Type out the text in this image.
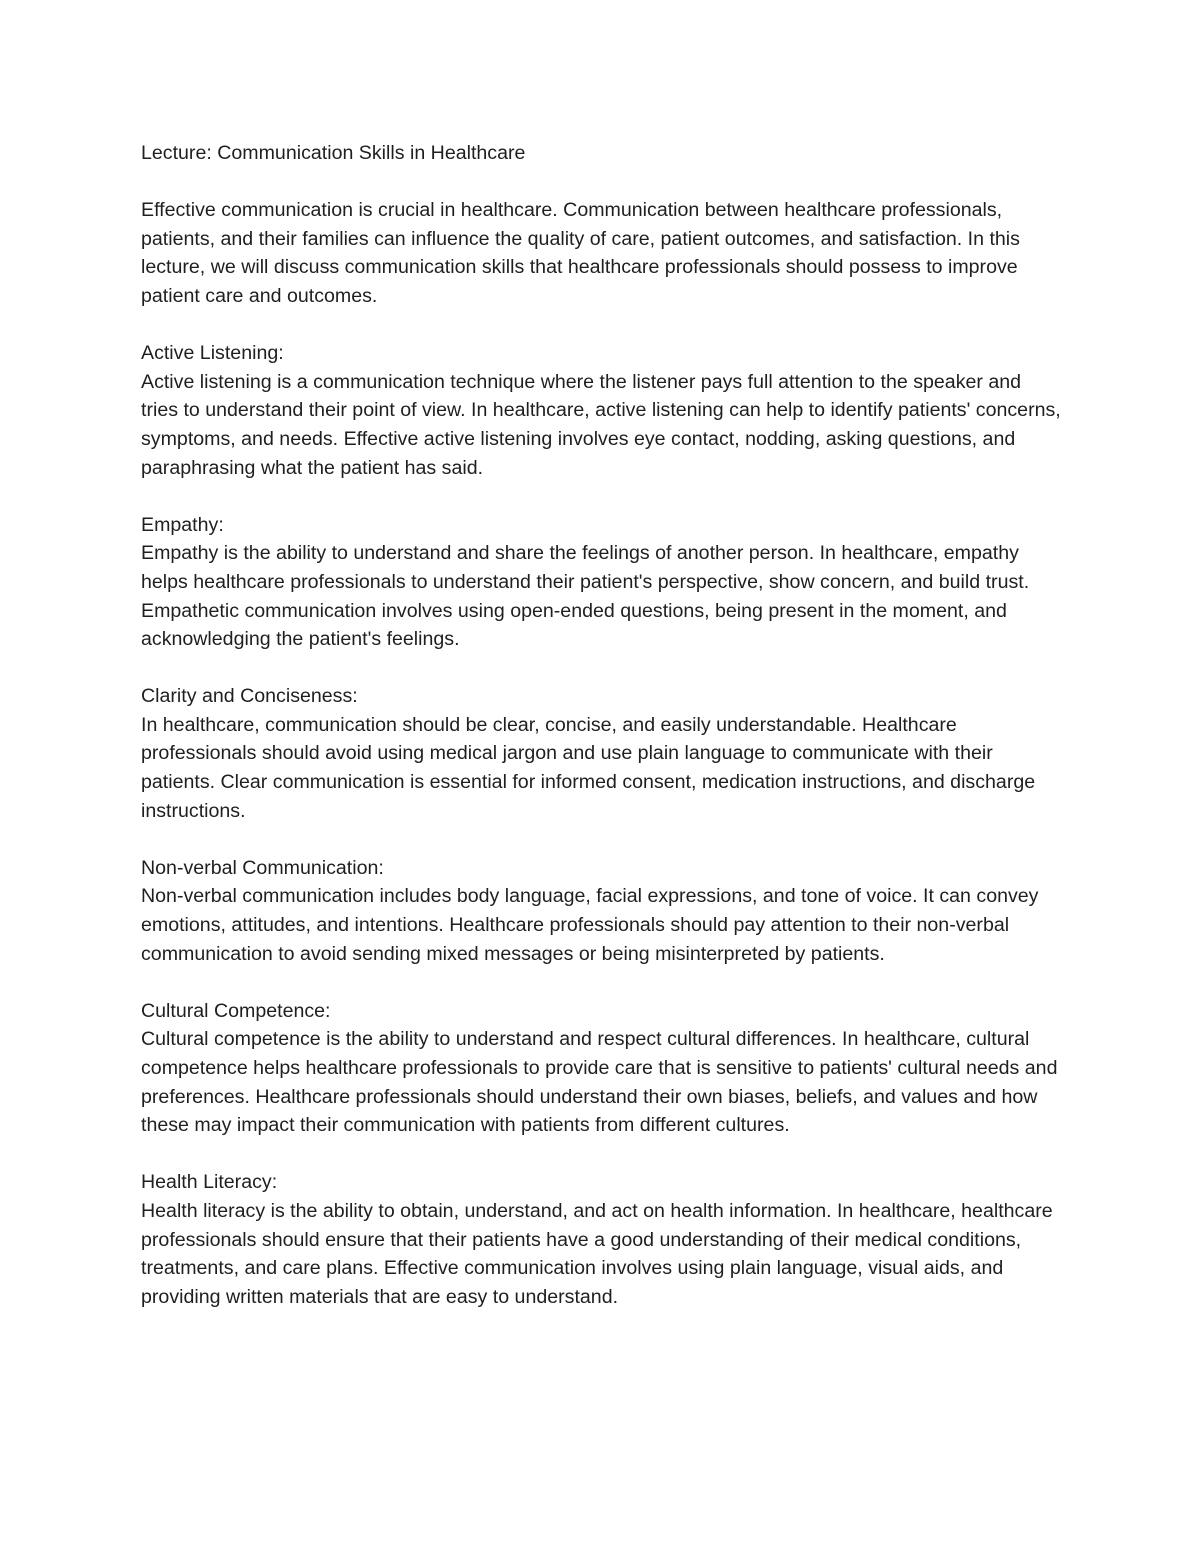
Lecture: Communication Skills in Healthcare

Effective communication is crucial in healthcare. Communication between healthcare professionals, patients, and their families can influence the quality of care, patient outcomes, and satisfaction. In this lecture, we will discuss communication skills that healthcare professionals should possess to improve patient care and outcomes.

Active Listening:

Active listening is a communication technique where the listener pays full attention to the speaker and tries to understand their point of view. In healthcare, active listening can help to identify patients' concerns, symptoms, and needs. Effective active listening involves eye contact, nodding, asking questions, and paraphrasing what the patient has said.

Empathy:

Empathy is the ability to understand and share the feelings of another person. In healthcare, empathy helps healthcare professionals to understand their patient's perspective, show concern, and build trust. Empathetic communication involves using open-ended questions, being present in the moment, and acknowledging the patient's feelings.

Clarity and Conciseness:

In healthcare, communication should be clear, concise, and easily understandable. Healthcare professionals should avoid using medical jargon and use plain language to communicate with their patients. Clear communication is essential for informed consent, medication instructions, and discharge instructions.

Non-verbal Communication:

Non-verbal communication includes body language, facial expressions, and tone of voice. It can convey emotions, attitudes, and intentions. Healthcare professionals should pay attention to their non-verbal communication to avoid sending mixed messages or being misinterpreted by patients.

Cultural Competence:

Cultural competence is the ability to understand and respect cultural differences. In healthcare, cultural competence helps healthcare professionals to provide care that is sensitive to patients' cultural needs and preferences. Healthcare professionals should understand their own biases, beliefs, and values and how these may impact their communication with patients from different cultures.

Health Literacy:

Health literacy is the ability to obtain, understand, and act on health information. In healthcare, healthcare professionals should ensure that their patients have a good understanding of their medical conditions, treatments, and care plans. Effective communication involves using plain language, visual aids, and providing written materials that are easy to understand.
